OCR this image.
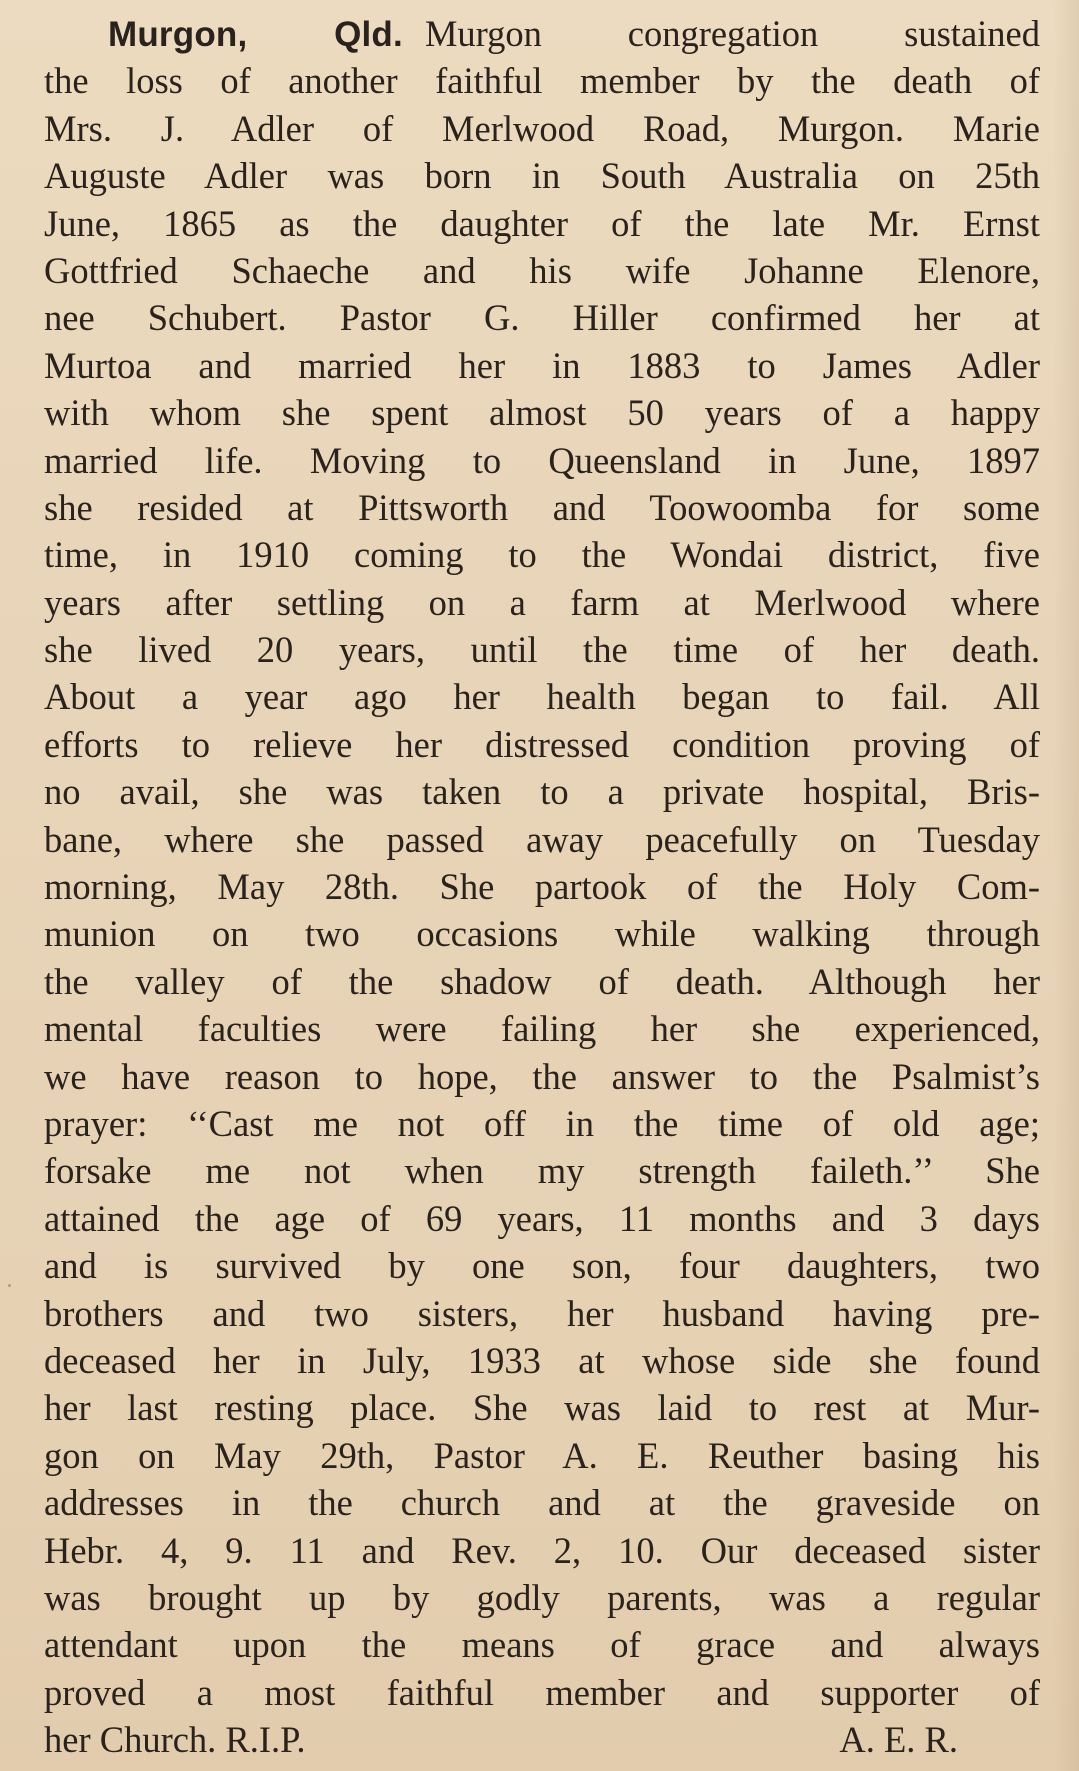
Murgon, Qld. Murgon congregation sustained
the loss of another faithful member by the death of
Mrs. J. Adler of Merlwood Road, Murgon. Marie
Auguste Adler was born in South Australia on 25th
June, 1865 as the daughter of the late Mr. Ernst
Gottfried Schaeche and his wife Johanne Elenore,
nee Schubert. Pastor G. Hiller confirmed her at
Murtoa and married her in 1883 to James Adler
with whom she spent almost 50 years of a happy
married life. Moving to Queensland in June, 1897
she resided at Pittsworth and Toowoomba for some
time, in 1910 coming to the Wondai district, five
years after settling on a farm at Merlwood where
she lived 20 years, until the time of her death.
About a year ago her health began to fail. All
efforts to relieve her distressed condition proving of
no avail, she was taken to a private hospital, Bris-
bane, where she passed away peacefully on Tuesday
morning, May 28th. She partook of the Holy Com-
munion on two occasions while walking through
the valley of the shadow of death. Although her
mental faculties were failing her she experienced,
we have reason to hope, the answer to the Psalmist’s
prayer: ‘‘Cast me not off in the time of old age;
forsake me not when my strength faileth.’’ She
attained the age of 69 years, 11 months and 3 days
and is survived by one son, four daughters, two
brothers and two sisters, her husband having pre-
deceased her in July, 1933 at whose side she found
her last resting place. She was laid to rest at Mur-
gon on May 29th, Pastor A. E. Reuther basing his
addresses in the church and at the graveside on
Hebr. 4, 9. 11 and Rev. 2, 10. Our deceased sister
was brought up by godly parents, was a regular
attendant upon the means of grace and always
proved a most faithful member and supporter of
her Church. R.I.P.	A. E. R.
